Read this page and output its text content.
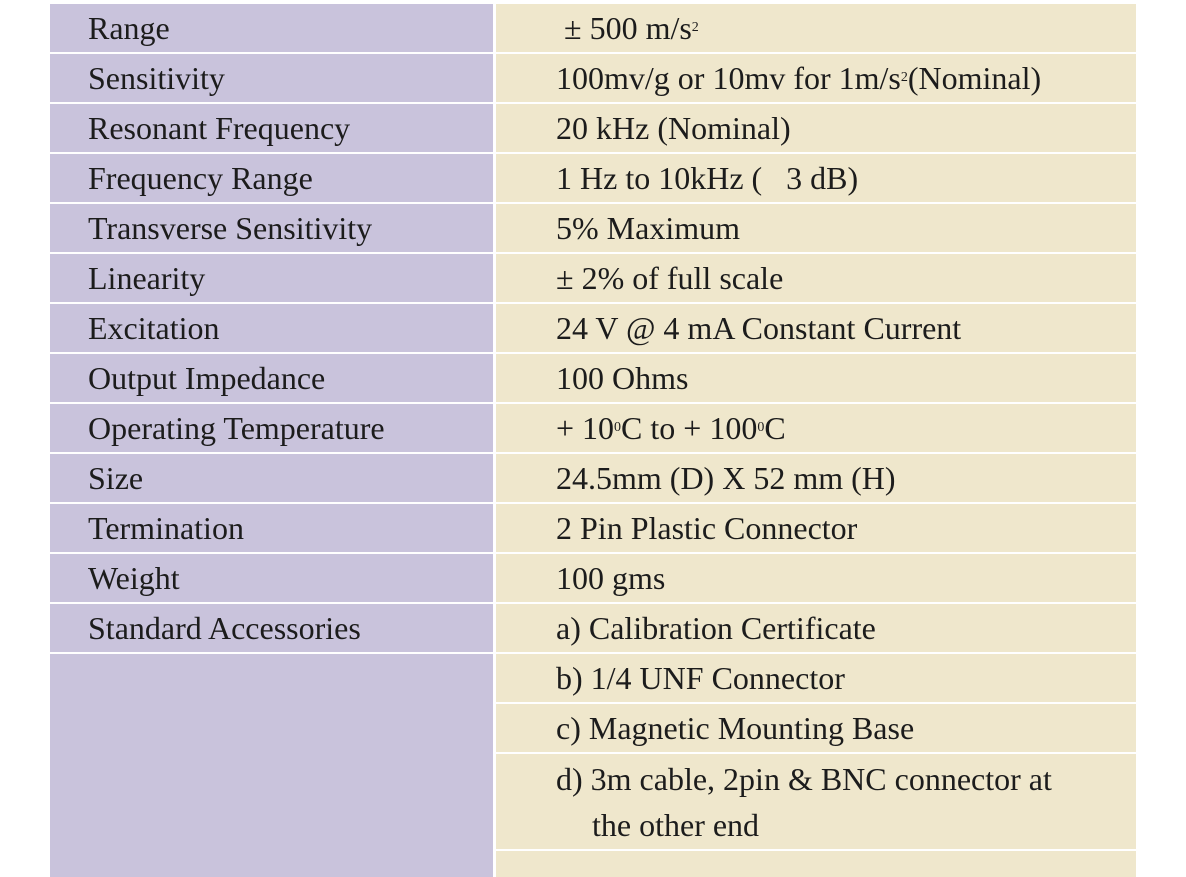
Range	± 500 m/s 2
Sensitivity	100mv/g or 10mv for 1m/s 2 (Nominal)
Resonant Frequency	20 kHz (Nominal)
Frequency Range	1 Hz to 10kHz (   3 dB)
Transverse Sensitivity	5% Maximum
Linearity	± 2% of full scale
Excitation	24 V @ 4 mA Constant Current
Output Impedance	100 Ohms
Operating Temperature	+ 10 0 C to + 100 0 C
Size	24.5mm (D) X 52 mm (H)
Termination	2 Pin Plastic Connector
Weight	100 gms
Standard Accessories	a) Calibration Certificate
b) 1/4 UNF Connector
c) Magnetic Mounting Base
d) 3m cable, 2pin & BNC connector at
the other end
